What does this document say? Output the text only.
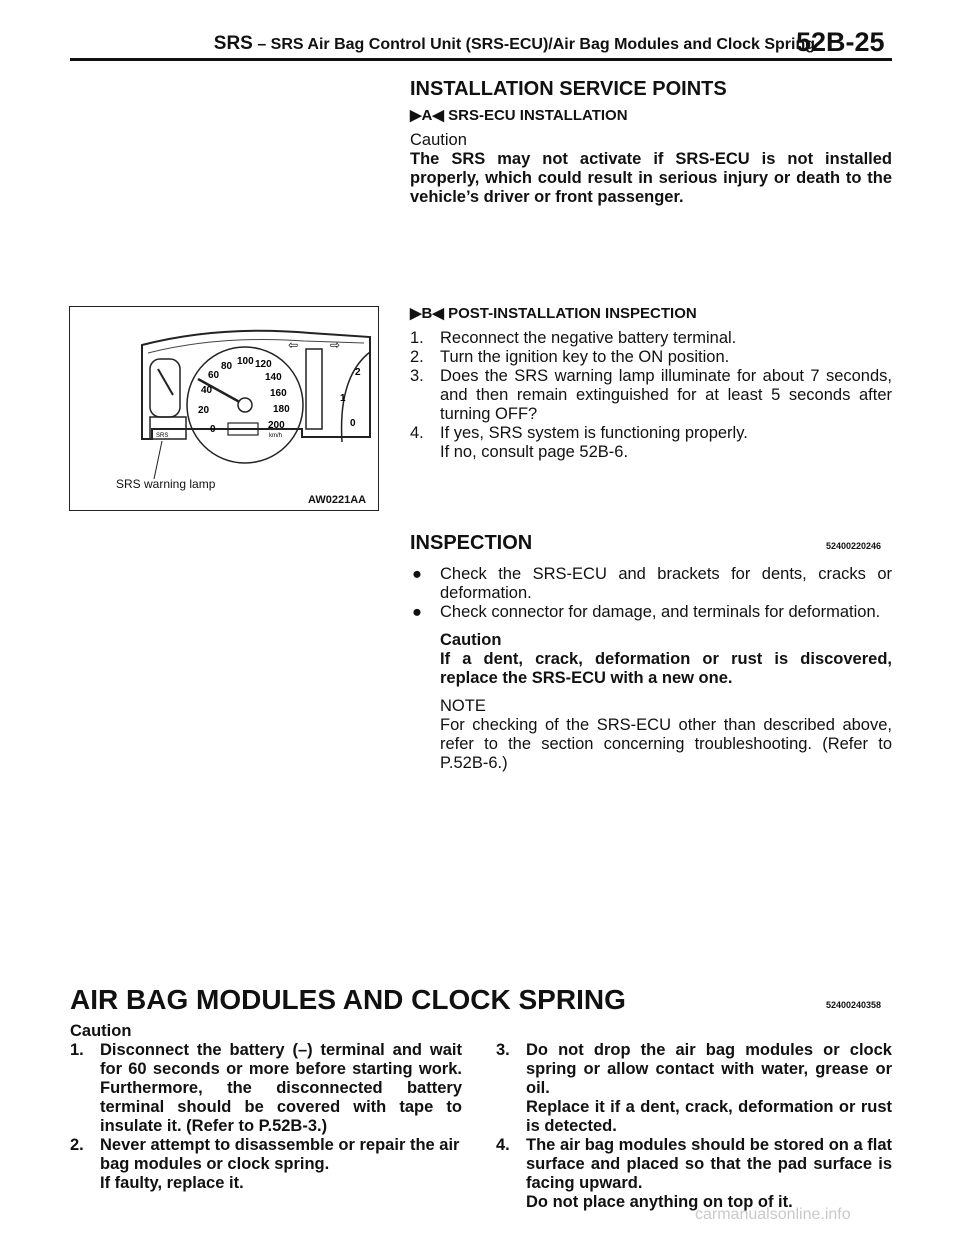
SRS – SRS Air Bag Control Unit (SRS-ECU)/Air Bag Modules and Clock Spring
52B-25
INSTALLATION SERVICE POINTS
▶A◀ SRS-ECU INSTALLATION
Caution
The SRS may not activate if SRS-ECU is not installed properly, which could result in serious injury or death to the vehicle’s driver or front passenger.
▶B◀ POST-INSTALLATION INSPECTION
1. Reconnect the negative battery terminal.
2. Turn the ignition key to the ON position.
3. Does the SRS warning lamp illuminate for about 7 seconds, and then remain extinguished for at least 5 seconds after turning OFF?
4. If yes, SRS system is functioning properly.
If no, consult page 52B-6.
SRS
0
20
40
60
80 100 120
140
160
180
200
km/h
⇦	⇨
0
1
2
SRS warning lamp
AW0221AA
INSPECTION	52400220246
● Check the SRS-ECU and brackets for dents, cracks or deformation.
● Check connector for damage, and terminals for deformation.
Caution
If a dent, crack, deformation or rust is discovered, replace the SRS-ECU with a new one.
NOTE
For checking of the SRS-ECU other than described above, refer to the section concerning troubleshooting. (Refer to P.52B-6.)
AIR BAG MODULES AND CLOCK SPRING	52400240358
Caution
1. Disconnect the battery (–) terminal and wait for 60 seconds or more before starting work. Furthermore, the disconnected battery terminal should be covered with tape to insulate it. (Refer to P.52B-3.)
2. Never attempt to disassemble or repair the air bag modules or clock spring.
If faulty, replace it.
3. Do not drop the air bag modules or clock spring or allow contact with water, grease or oil.
Replace it if a dent, crack, deformation or rust is detected.
4. The air bag modules should be stored on a flat surface and placed so that the pad surface is facing upward.
Do not place anything on top of it.
carmanualsonline.info
